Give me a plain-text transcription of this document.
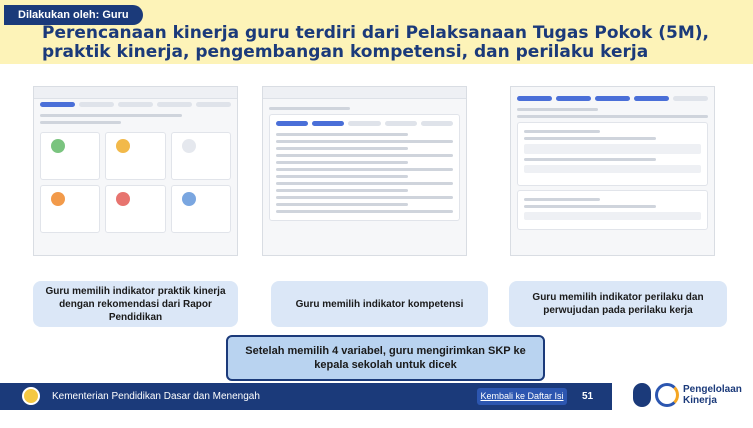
Dilakukan oleh: Guru
Perencanaan kinerja guru terdiri dari Pelaksanaan Tugas Pokok (5M), praktik kinerja, pengembangan kompetensi, dan perilaku kerja
Guru memilih indikator praktik kinerja dengan rekomendasi dari Rapor Pendidikan
Guru memilih indikator kompetensi
Guru memilih indikator perilaku dan perwujudan pada perilaku kerja
Setelah memilih 4 variabel, guru mengirimkan SKP ke kepala sekolah untuk dicek
Kementerian Pendidikan Dasar dan Menengah	Kembali ke Daftar Isi	51
Pengelolaan
Kinerja
